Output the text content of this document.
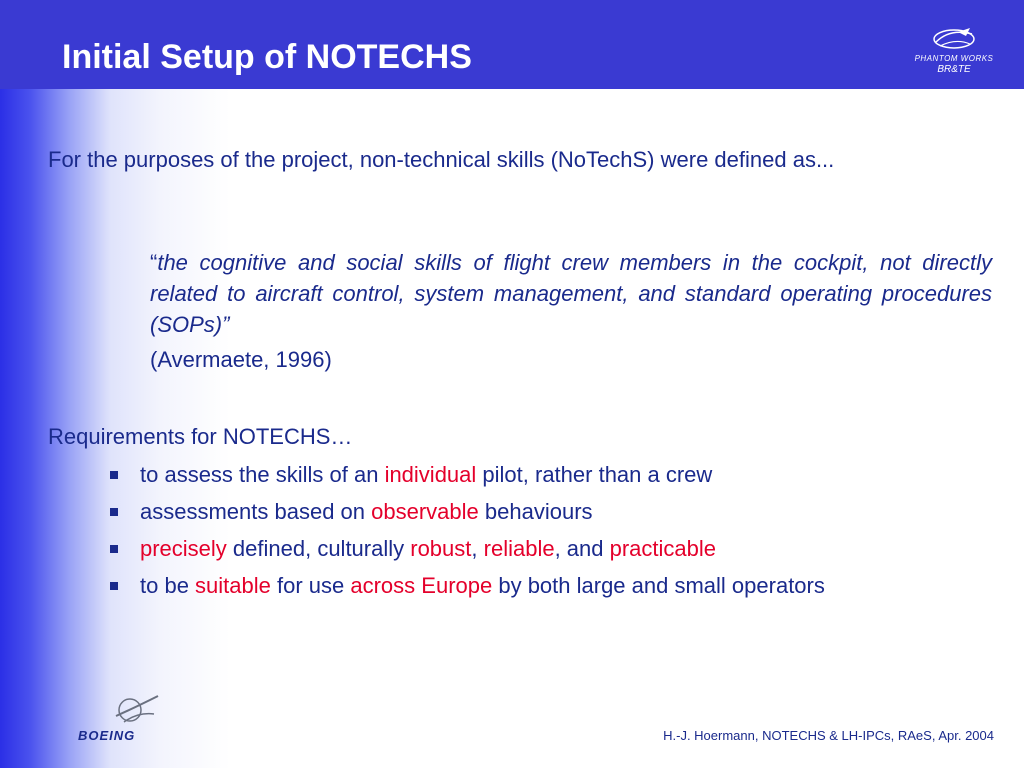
Initial Setup of NOTECHS	PHANTOM WORKS
BR&TE
For the purposes of the project, non-technical skills (NoTechS) were defined as...
“the cognitive and social skills of flight crew members in the cockpit, not directly related to aircraft control, system management, and standard operating procedures (SOPs)”
(Avermaete, 1996)
Requirements for NOTECHS…
to assess the skills of an individual pilot, rather than a crew
assessments based on observable behaviours
precisely defined, culturally robust, reliable, and practicable
to be suitable for use across Europe by both large and small operators
BOEING	H.-J. Hoermann, NOTECHS & LH-IPCs, RAeS, Apr. 2004
